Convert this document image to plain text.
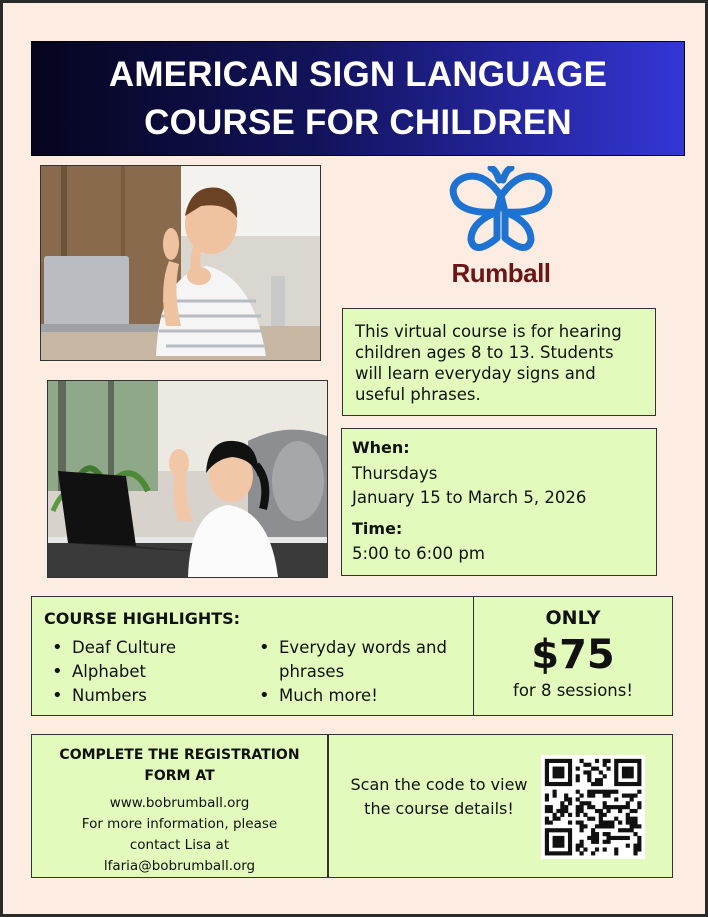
AMERICAN SIGN LANGUAGE
COURSE FOR CHILDREN
Rumball

This virtual course is for hearing children ages 8 to 13. Students will learn everyday signs and useful phrases.

When:

Thursdays

January 15 to March 5, 2026

Time:

5:00 to 6:00 pm

COURSE HIGHLIGHTS:

• Deaf Culture
• Alphabet
• Numbers
• Everyday words and phrases
• Much more!

ONLY

$75

for 8 sessions!

COMPLETE THE REGISTRATION

FORM AT

www.bobrumball.org

For more information, please

contact Lisa at

lfaria@bobrumball.org

Scan the code to view the course details!
